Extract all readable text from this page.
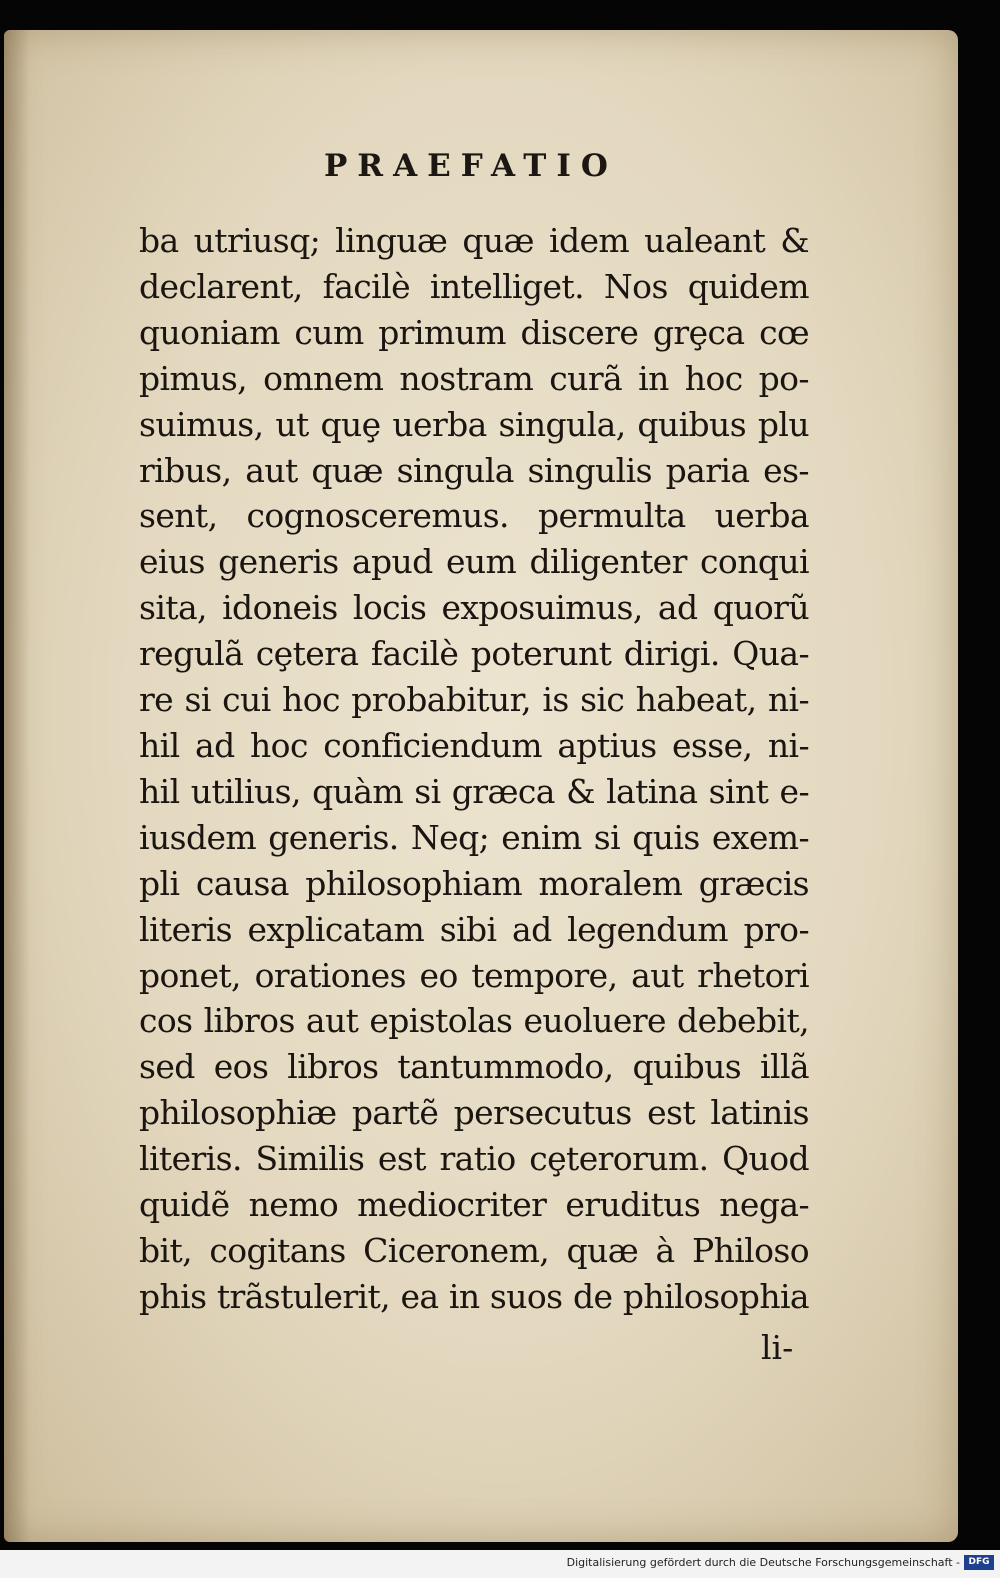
PRAEFATIO
ba utriusq; linguæ quæ idem ualeant &
declarent, facilè intelliget. Nos quidem
quoniam cum primum discere grȩca cœ
pimus, omnem nostram curã in hoc po-
suimus, ut quȩ uerba singula, quibus plu
ribus, aut quæ singula singulis paria es-
sent, cognosceremus. permulta uerba
eius generis apud eum diligenter conqui
sita, idoneis locis exposuimus, ad quorũ
regulã cȩtera facilè poterunt dirigi. Qua-
re si cui hoc probabitur, is sic habeat, ni-
hil ad hoc conficiendum aptius esse, ni-
hil utilius, quàm si græca & latina sint e-
iusdem generis. Neq; enim si quis exem-
pli causa philosophiam moralem græcis
literis explicatam sibi ad legendum pro-
ponet, orationes eo tempore, aut rhetori
cos libros aut epistolas euoluere debebit,
sed eos libros tantummodo, quibus illã
philosophiæ partẽ persecutus est latinis
literis. Similis est ratio cȩterorum. Quod
quidẽ nemo mediocriter eruditus nega-
bit, cogitans Ciceronem, quæ à Philoso
phis trãstulerit, ea in suos de philosophia
li-
Digitalisierung gefördert durch die Deutsche Forschungsgemeinschaft - DFG
